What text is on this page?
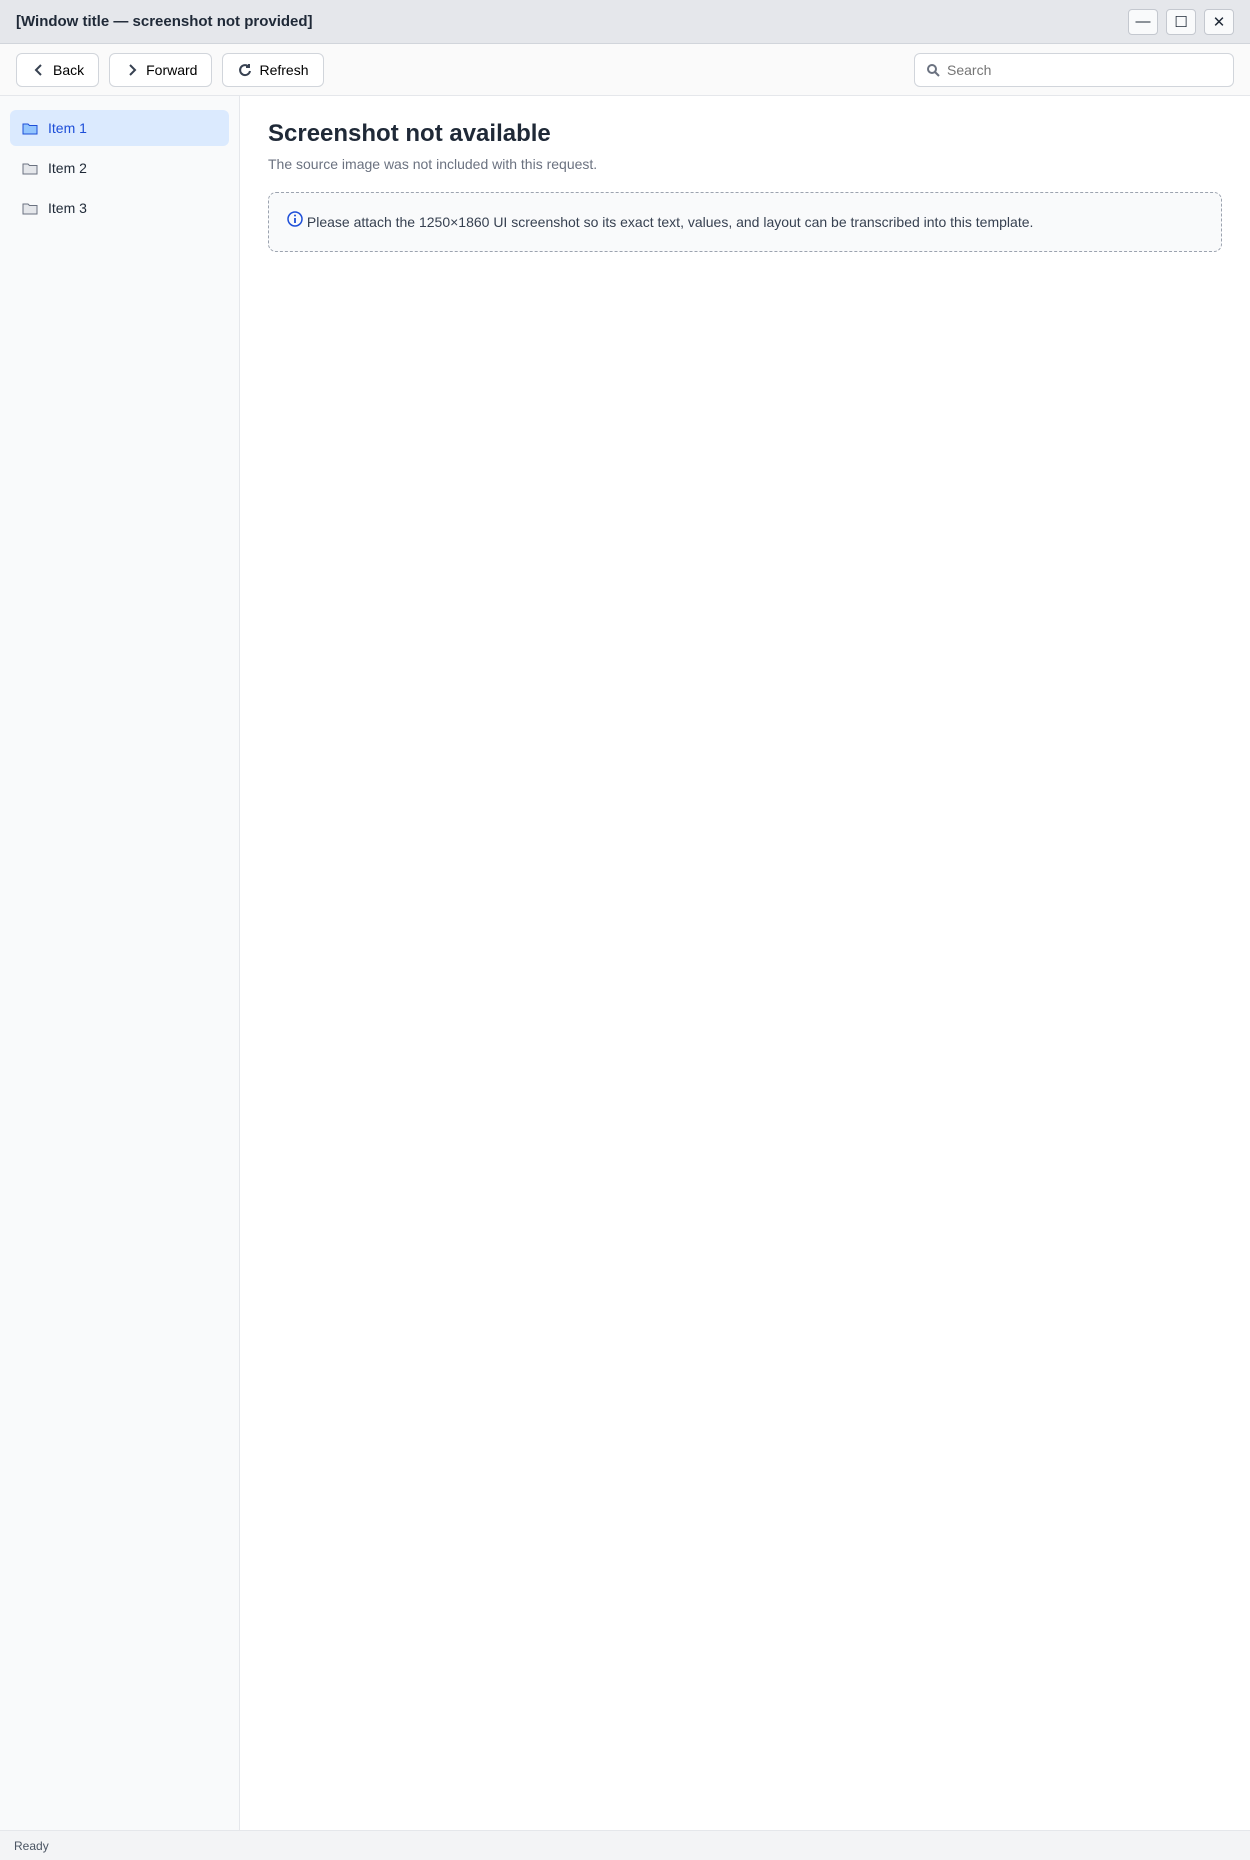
[Window title — screenshot not provided]	— ☐ ✕
Back	Forward	Refresh
Search
Item 1
Item 2
Item 3
Screenshot not available

The source image was not included with this request.

Please attach the 1250×1860 UI screenshot so its exact text, values, and layout can be transcribed into this template.
Ready
